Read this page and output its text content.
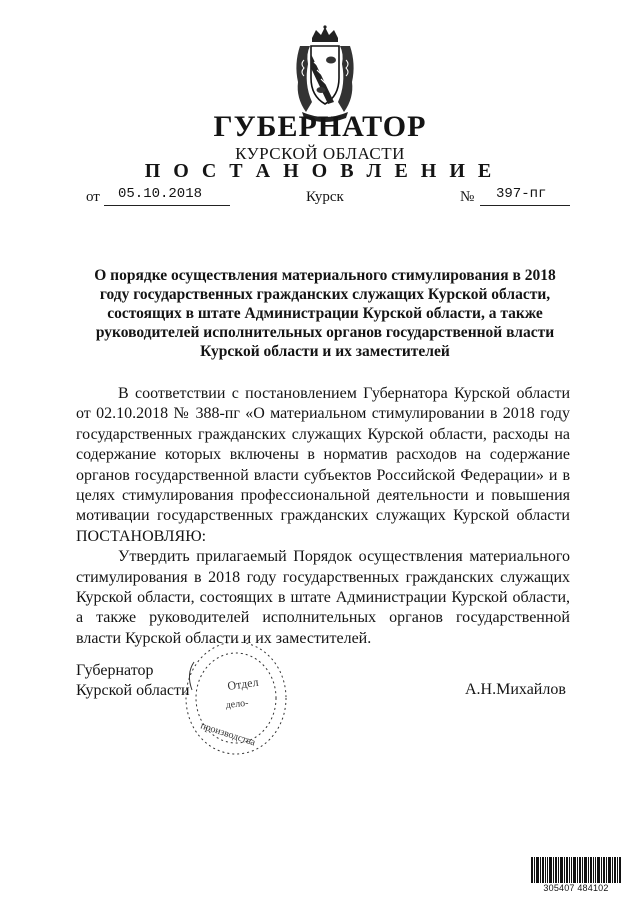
ГУБЕРНАТОР
КУРСКОЙ ОБЛАСТИ
П О С Т А Н О В Л Е Н И Е
от 05.10.2018	Курск	№ 397-пг
О порядке осуществления материального стимулирования в 2018 году государственных гражданских служащих Курской области, состоящих в штате Администрации Курской области, а также руководителей исполнительных органов государственной власти Курской области и их заместителей

В соответствии с постановлением Губернатора Курской области от 02.10.2018 № 388-пг «О материальном стимулировании в 2018 году государственных гражданских служащих Курской области, расходы на содержание которых включены в норматив расходов на содержание органов государственной власти субъектов Российской Федерации» и в целях стимулирования профессиональной деятельности и повышения мотивации государственных гражданских служащих Курской области

ПОСТАНОВЛЯЮ:

Утвердить прилагаемый Порядок осуществления материального стимулирования в 2018 году государственных гражданских служащих Курской области, состоящих в штате Администрации Курской области, а также руководителей исполнительных органов государственной власти Курской области и их заместителей.

Губернатор
Курской области	А.Н.Михайлов
Отдел
дело-
производства
305407 484102
